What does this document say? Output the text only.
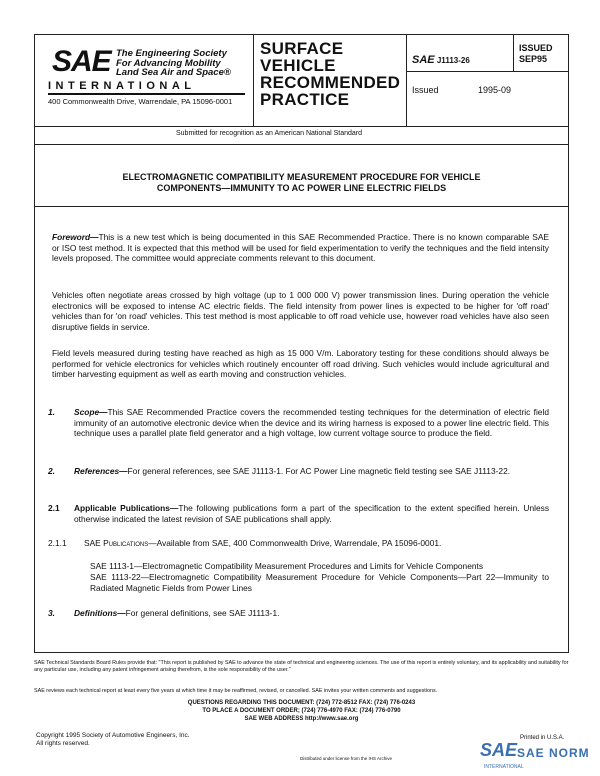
SAE The Engineering Society
For Advancing Mobility
Land Sea Air and Space®
INTERNATIONAL
400 Commonwealth Drive, Warrendale, PA 15096-0001
SURFACE
VEHICLE
RECOMMENDED
PRACTICE
SAE J1113-26
ISSUED
SEP95
Issued	1995-09
Submitted for recognition as an American National Standard
ELECTROMAGNETIC COMPATIBILITY MEASUREMENT PROCEDURE FOR VEHICLE
COMPONENTS—IMMUNITY TO AC POWER LINE ELECTRIC FIELDS
Foreword—This is a new test which is being documented in this SAE Recommended Practice. There is no known comparable SAE or ISO test method. It is expected that this method will be used for field experimentation to verify the techniques and the field intensity levels proposed. The committee would appreciate comments relevant to this document.
Vehicles often negotiate areas crossed by high voltage (up to 1 000 000 V) power transmission lines. During operation the vehicle electronics will be exposed to intense AC electric fields. The field intensity from power lines is expected to be higher for 'off road' vehicles than for 'on road' vehicles. This test method is most applicable to off road vehicle use, however road vehicles have also seen disruptive fields in service.
Field levels measured during testing have reached as high as 15 000 V/m. Laboratory testing for these conditions should always be performed for vehicle electronics for vehicles which routinely encounter off road driving. Such vehicles would include agricultural and timber harvesting equipment as well as earth moving and construction vehicles.
1. Scope—This SAE Recommended Practice covers the recommended testing techniques for the determination of electric field immunity of an automotive electronic device when the device and its wiring harness is exposed to a power line electric field. This technique uses a parallel plate field generator and a high voltage, low current voltage source to produce the field.
2. References—For general references, see SAE J1113-1. For AC Power Line magnetic field testing see SAE J1113-22.
2.1 Applicable Publications—The following publications form a part of the specification to the extent specified herein. Unless otherwise indicated the latest revision of SAE publications shall apply.
2.1.1 SAE Publications—Available from SAE, 400 Commonwealth Drive, Warrendale, PA 15096-0001.
SAE 1113-1—Electromagnetic Compatibility Measurement Procedures and Limits for Vehicle Components
SAE 1113-22—Electromagnetic Compatibility Measurement Procedure for Vehicle Components—Part 22—Immunity to Radiated Magnetic Fields from Power Lines
3. Definitions—For general definitions, see SAE J1113-1.
SAE Technical Standards Board Rules provide that: "This report is published by SAE to advance the state of technical and engineering sciences. The use of this report is entirely voluntary, and its applicability and suitability for any particular use, including any patent infringement arising therefrom, is the sole responsibility of the user."
SAE reviews each technical report at least every five years at which time it may be reaffirmed, revised, or cancelled. SAE invites your written comments and suggestions.
QUESTIONS REGARDING THIS DOCUMENT: (724) 772-8512 FAX: (724) 776-0243
TO PLACE A DOCUMENT ORDER; (724) 776-4970 FAX: (724) 776-0790
SAE WEB ADDRESS http://www.sae.org
Copyright 1995 Society of Automotive Engineers, Inc.
All rights reserved.
Distributed under license from the IHS Archive
Printed in U.S.A.
SAE SAE NORM
INTERNATIONAL
